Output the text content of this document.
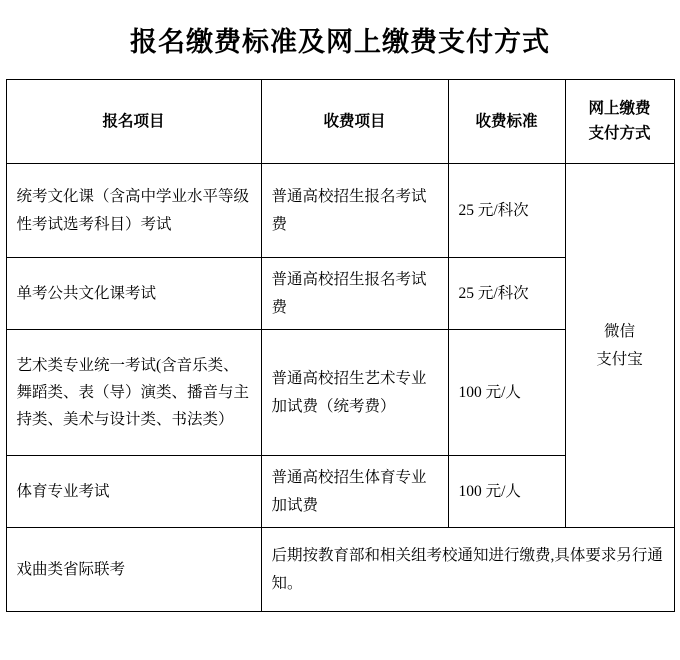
报名缴费标准及网上缴费支付方式
报名项目	收费项目	收费标准	网上缴费
支付方式

统考文化课（含高中学业水平等级性考试选考科目）考试	普通高校招生报名考试费	25 元/科次	微信
支付宝

单考公共文化课考试	普通高校招生报名考试费	25 元/科次	
艺术类专业统一考试(含音乐类、舞蹈类、表（导）演类、播音与主持类、美术与设计类、书法类）	普通高校招生艺术专业加试费（统考费）	100 元/人	
体育专业考试	普通高校招生体育专业加试费	100 元/人	
戏曲类省际联考	后期按教育部和相关组考校通知进行缴费,具体要求另行通知。		
